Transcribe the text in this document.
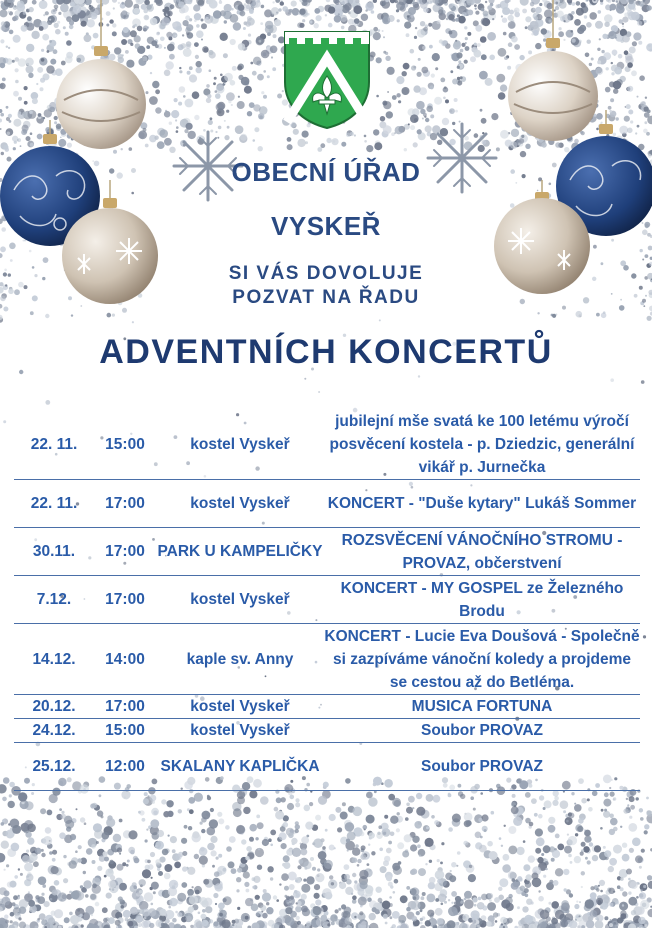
OBECNÍ ÚŘAD
VYSKEŘ
SI VÁS DOVOLUJE
POZVAT NA ŘADU
ADVENTNÍCH KONCERTŮ
22. 11.	15:00	kostel Vyskeř	jubilejní mše svatá ke 100 letému výročí posvěcení kostela - p. Dziedzic, generální vikář p. Jurnečka
22. 11.	17:00	kostel Vyskeř	KONCERT - "Duše kytary" Lukáš Sommer
30.11.	17:00	PARK U KAMPELIČKY	ROZSVĚCENÍ VÁNOČNÍHO STROMU - PROVAZ, občerstvení
7.12.	17:00	kostel Vyskeř	KONCERT - MY GOSPEL ze Železného Brodu
14.12.	14:00	kaple sv. Anny	KONCERT - Lucie Eva Doušová - Společně si zazpíváme vánoční koledy a projdeme se cestou až do Betléma.
20.12.	17:00	kostel Vyskeř	MUSICA FORTUNA
24.12.	15:00	kostel Vyskeř	Soubor PROVAZ
25.12.	12:00	SKALANY KAPLIČKA	Soubor PROVAZ
